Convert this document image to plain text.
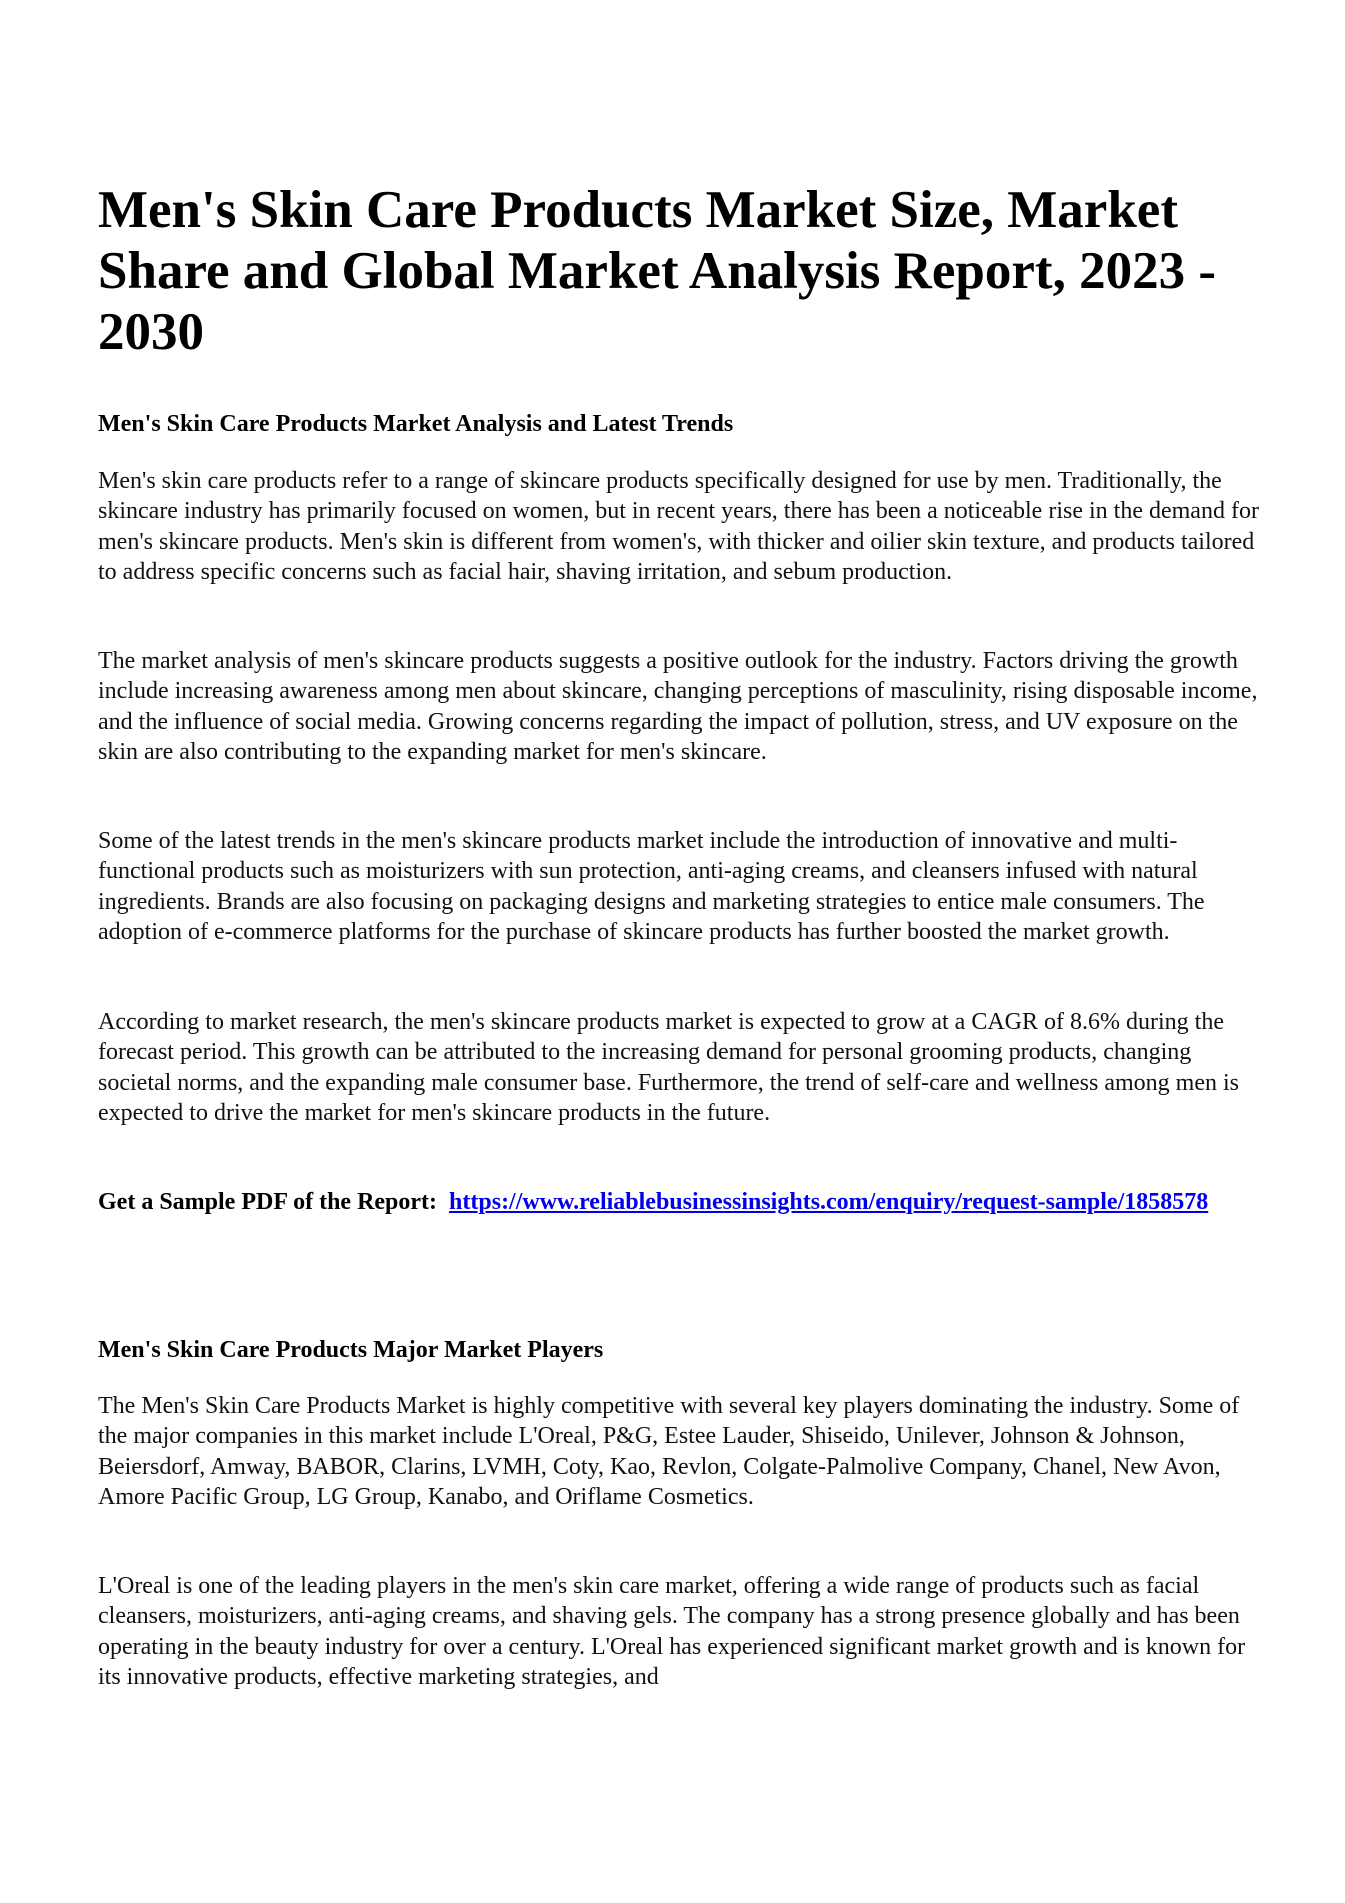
Men's Skin Care Products Market Size, Market Share and Global Market Analysis Report, 2023 - 2030
Men's Skin Care Products Market Analysis and Latest Trends

Men's skin care products refer to a range of skincare products specifically designed for use by men. Traditionally, the skincare industry has primarily focused on women, but in recent years, there has been a noticeable rise in the demand for men's skincare products. Men's skin is different from women's, with thicker and oilier skin texture, and products tailored to address specific concerns such as facial hair, shaving irritation, and sebum production.

The market analysis of men's skincare products suggests a positive outlook for the industry. Factors driving the growth include increasing awareness among men about skincare, changing perceptions of masculinity, rising disposable income, and the influence of social media. Growing concerns regarding the impact of pollution, stress, and UV exposure on the skin are also contributing to the expanding market for men's skincare.

Some of the latest trends in the men's skincare products market include the introduction of innovative and multi-functional products such as moisturizers with sun protection, anti-aging creams, and cleansers infused with natural ingredients. Brands are also focusing on packaging designs and marketing strategies to entice male consumers. The adoption of e-commerce platforms for the purchase of skincare products has further boosted the market growth.

According to market research, the men's skincare products market is expected to grow at a CAGR of 8.6% during the forecast period. This growth can be attributed to the increasing demand for personal grooming products, changing societal norms, and the expanding male consumer base. Furthermore, the trend of self-care and wellness among men is expected to drive the market for men's skincare products in the future.

Get a Sample PDF of the Report: https://www.reliablebusinessinsights.com/enquiry/request-sample/1858578

Men's Skin Care Products Major Market Players

The Men's Skin Care Products Market is highly competitive with several key players dominating the industry. Some of the major companies in this market include L'Oreal, P&G, Estee Lauder, Shiseido, Unilever, Johnson & Johnson, Beiersdorf, Amway, BABOR, Clarins, LVMH, Coty, Kao, Revlon, Colgate-Palmolive Company, Chanel, New Avon, Amore Pacific Group, LG Group, Kanabo, and Oriflame Cosmetics.

L'Oreal is one of the leading players in the men's skin care market, offering a wide range of products such as facial cleansers, moisturizers, anti-aging creams, and shaving gels. The company has a strong presence globally and has been operating in the beauty industry for over a century. L'Oreal has experienced significant market growth and is known for its innovative products, effective marketing strategies, and
